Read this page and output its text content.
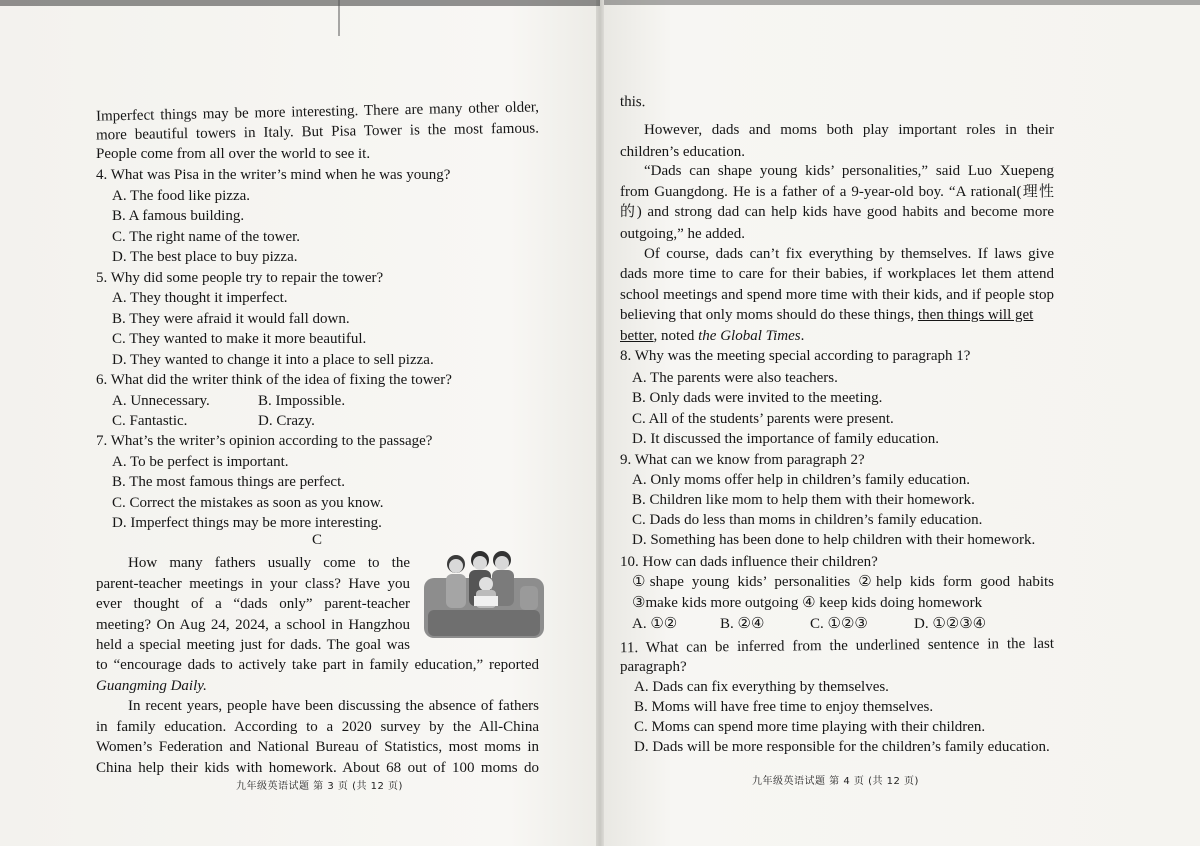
Imperfect things may be more interesting. There are many other older,
more beautiful towers in Italy. But Pisa Tower is the most famous.
People come from all over the world to see it.
4. What was Pisa in the writer’s mind when he was young?
A. The food like pizza.
B. A famous building.
C. The right name of the tower.
D. The best place to buy pizza.
5. Why did some people try to repair the tower?
A. They thought it imperfect.
B. They were afraid it would fall down.
C. They wanted to make it more beautiful.
D. They wanted to change it into a place to sell pizza.
6. What did the writer think of the idea of fixing the tower?
A. Unnecessary.	B. Impossible.
C. Fantastic.	D. Crazy.
7. What’s the writer’s opinion according to the passage?
A. To be perfect is important.
B. The most famous things are perfect.
C. Correct the mistakes as soon as you know.
D. Imperfect things may be more interesting.
C
How many fathers usually come to the
parent-teacher meetings in your class? Have you
ever thought of a “dads only” parent-teacher
meeting? On Aug 24, 2024, a school in Hangzhou
held a special meeting just for dads. The goal was
to “encourage dads to actively take part in family education,” reported
Guangming Daily.
In recent years, people have been discussing the absence of fathers
in family education. According to a 2020 survey by the All-China
Women’s Federation and National Bureau of Statistics, most moms in
China help their kids with homework. About 68 out of 100 moms do
九年级英语试题 第 3 页 (共 12 页)
this.
However, dads and moms both play important roles in their
children’s education.
“Dads can shape young kids’ personalities,” said Luo Xuepeng
from Guangdong. He is a father of a 9-year-old boy. “A rational(理性
的) and strong dad can help kids have good habits and become more
outgoing,” he added.
Of course, dads can’t fix everything by themselves. If laws give
dads more time to care for their babies, if workplaces let them attend
school meetings and spend more time with their kids, and if people stop
believing that only moms should do these things, then things will get
better, noted the Global Times.
8. Why was the meeting special according to paragraph 1?
A. The parents were also teachers.
B. Only dads were invited to the meeting.
C. All of the students’ parents were present.
D. It discussed the importance of family education.
9. What can we know from paragraph 2?
A. Only moms offer help in children’s family education.
B. Children like mom to help them with their homework.
C. Dads do less than moms in children’s family education.
D. Something has been done to help children with their homework.
10. How can dads influence their children?
①shape young kids’ personalities ②help kids form good habits
③make kids more outgoing ④ keep kids doing homework
A. ①②	B. ②④	C. ①②③	D. ①②③④
11. What can be inferred from the underlined sentence in the last
paragraph?
A. Dads can fix everything by themselves.
B. Moms will have free time to enjoy themselves.
C. Moms can spend more time playing with their children.
D. Dads will be more responsible for the children’s family education.
九年级英语试题 第 4 页 (共 12 页)
